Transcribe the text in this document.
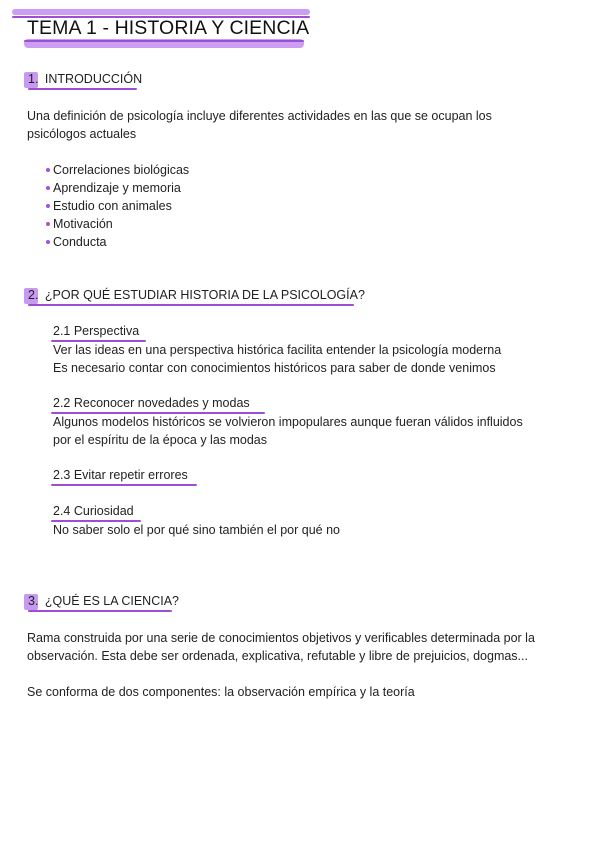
TEMA 1 - HISTORIA Y CIENCIA
1. INTRODUCCIÓN
Una definición de psicología incluye diferentes actividades en las que se ocupan los
psicólogos actuales
Correlaciones biológicas
Aprendizaje y memoria
Estudio con animales
Motivación
Conducta
2. ¿POR QUÉ ESTUDIAR HISTORIA DE LA PSICOLOGÍA?
2.1 Perspectiva
Ver las ideas en una perspectiva histórica facilita entender la psicología moderna
Es necesario contar con conocimientos históricos para saber de donde venimos
2.2 Reconocer novedades y modas
Algunos modelos históricos se volvieron impopulares aunque fueran válidos influidos
por el espíritu de la época y las modas
2.3 Evitar repetir errores
2.4 Curiosidad
No saber solo el por qué sino también el por qué no
3. ¿QUÉ ES LA CIENCIA?
Rama construida por una serie de conocimientos objetivos y verificables determinada por la
observación. Esta debe ser ordenada, explicativa, refutable y libre de prejuicios, dogmas...
Se conforma de dos componentes: la observación empírica y la teoría
